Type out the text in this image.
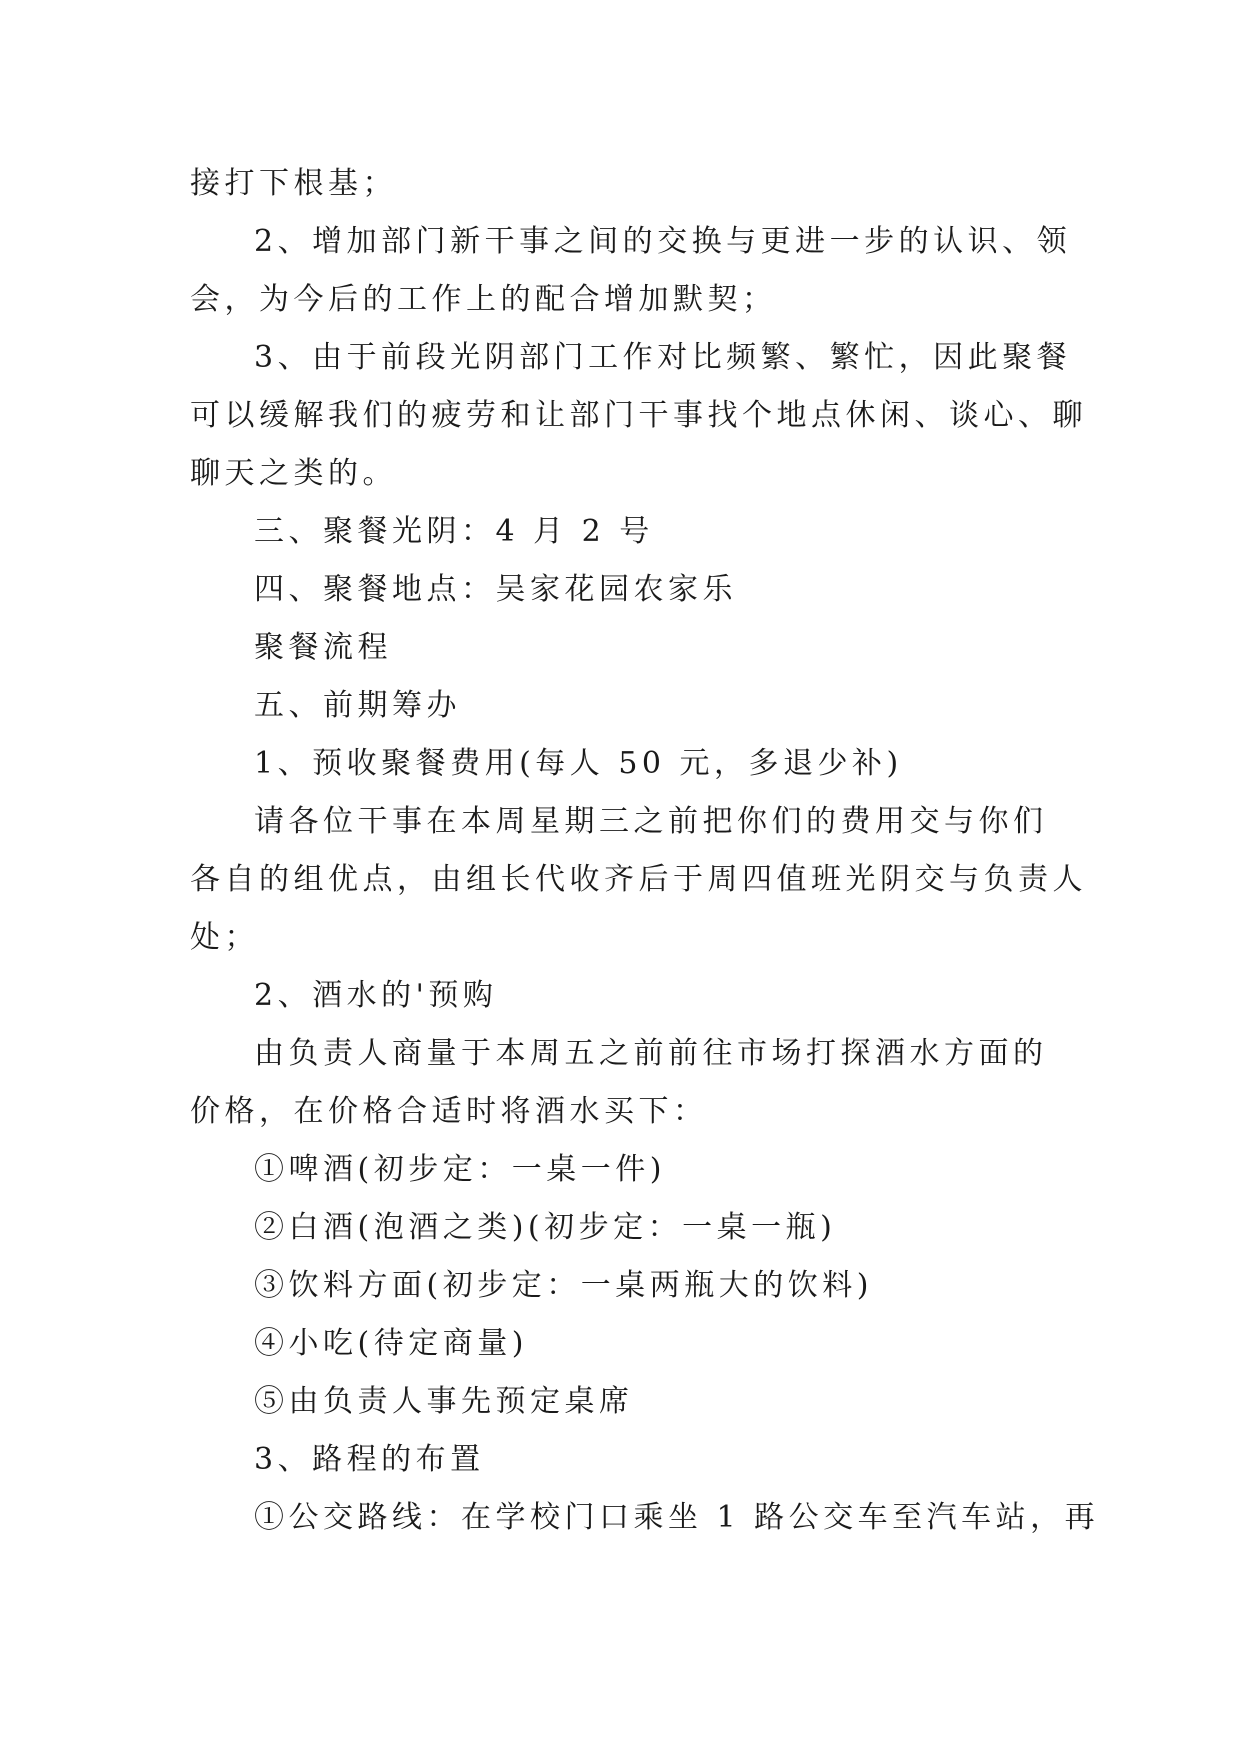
接打下根基；
2、增加部门新干事之间的交换与更进一步的认识、领
会，为今后的工作上的配合增加默契；
3、由于前段光阴部门工作对比频繁、繁忙，因此聚餐
可以缓解我们的疲劳和让部门干事找个地点休闲、谈心、聊
聊天之类的。
三、聚餐光阴：4 月 2 号
四、聚餐地点：吴家花园农家乐
聚餐流程
五、前期筹办
1、预收聚餐费用(每人 50 元，多退少补)
请各位干事在本周星期三之前把你们的费用交与你们
各自的组优点，由组长代收齐后于周四值班光阴交与负责人
处；
2、酒水的'预购
由负责人商量于本周五之前前往市场打探酒水方面的
价格，在价格合适时将酒水买下：
①啤酒(初步定：一桌一件)
②白酒(泡酒之类)(初步定：一桌一瓶)
③饮料方面(初步定：一桌两瓶大的饮料)
④小吃(待定商量)
⑤由负责人事先预定桌席
3、路程的布置
①公交路线：在学校门口乘坐 1 路公交车至汽车站，再
